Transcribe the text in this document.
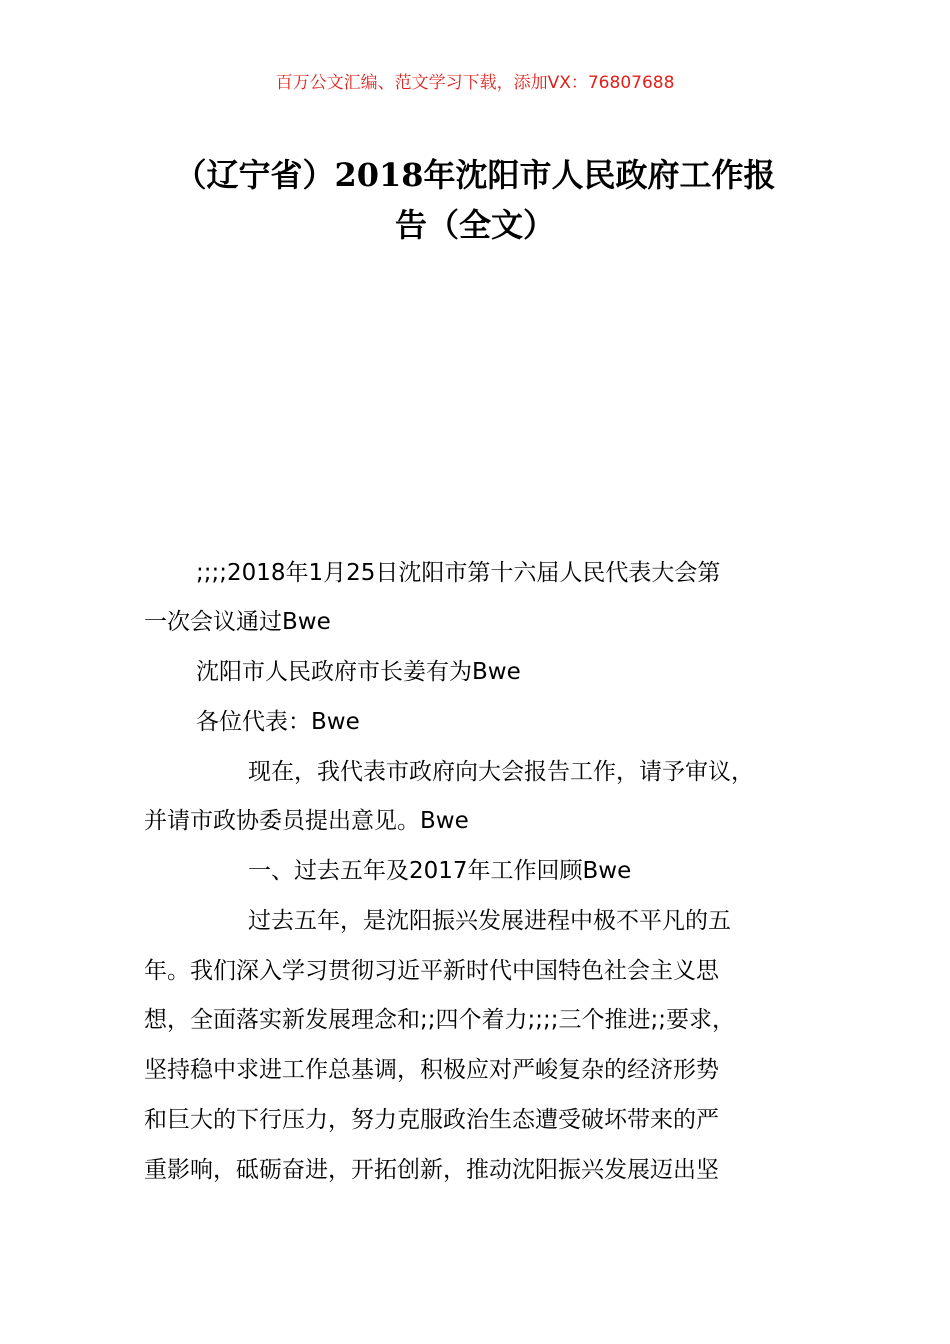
百万公文汇编、范文学习下载，添加VX：76807688
（辽宁省）2018年沈阳市人民政府工作报
告（全文）
;;;;2018年1月25日沈阳市第十六届人民代表大会第
一次会议通过Bwe
沈阳市人民政府市长姜有为Bwe
各位代表：Bwe
现在，我代表市政府向大会报告工作，请予审议，
并请市政协委员提出意见。Bwe
一、过去五年及2017年工作回顾Bwe
过去五年，是沈阳振兴发展进程中极不平凡的五
年。我们深入学习贯彻习近平新时代中国特色社会主义思
想，全面落实新发展理念和;;四个着力;;;;三个推进;;要求，
坚持稳中求进工作总基调，积极应对严峻复杂的经济形势
和巨大的下行压力，努力克服政治生态遭受破坏带来的严
重影响，砥砺奋进，开拓创新，推动沈阳振兴发展迈出坚
